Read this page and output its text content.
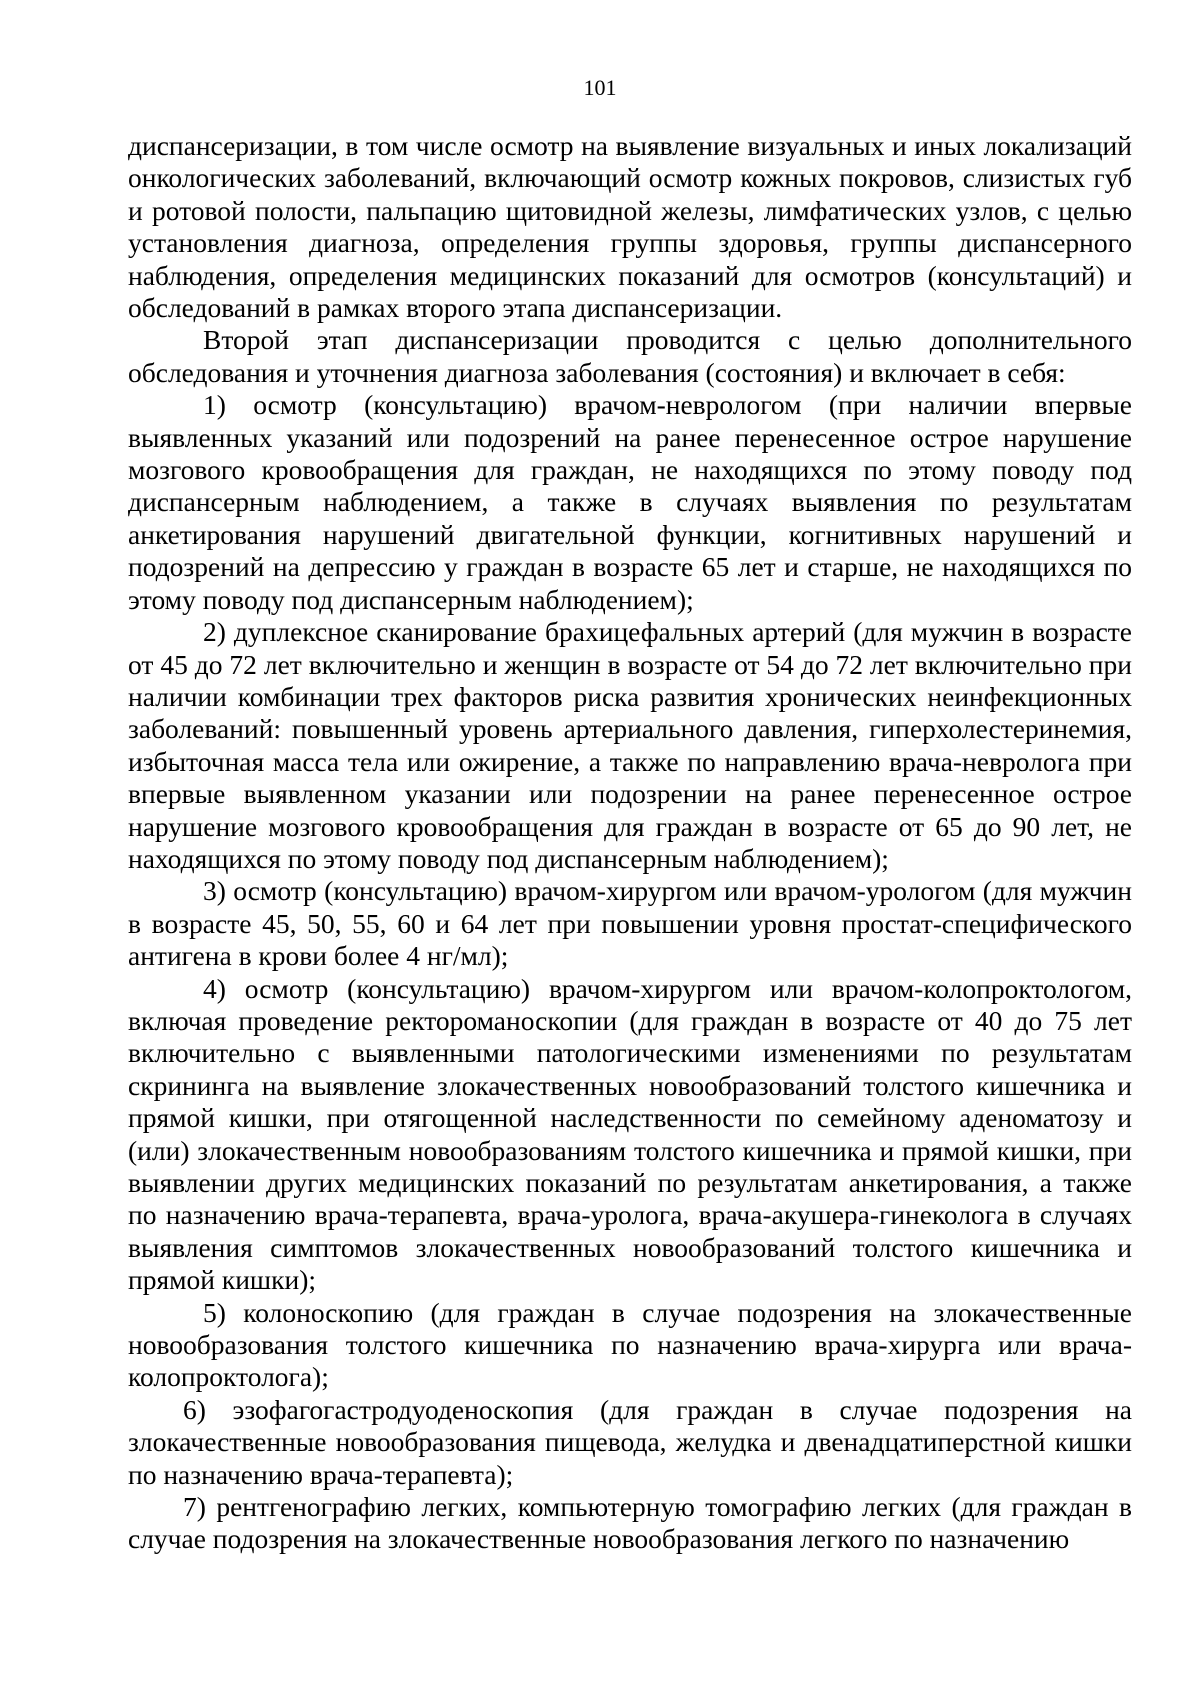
101

диспансеризации, в том числе осмотр на выявление визуальных и иных локализаций онкологических заболеваний, включающий осмотр кожных покровов, слизистых губ и ротовой полости, пальпацию щитовидной железы, лимфатических узлов, с целью установления диагноза, определения группы здоровья, группы диспансерного наблюдения, определения медицинских показаний для осмотров (консультаций) и обследований в рамках второго этапа диспансеризации.

Второй этап диспансеризации проводится с целью дополнительного обследования и уточнения диагноза заболевания (состояния) и включает в себя:

1) осмотр (консультацию) врачом-неврологом (при наличии впервые выявленных указаний или подозрений на ранее перенесенное острое нарушение мозгового кровообращения для граждан, не находящихся по этому поводу под диспансерным наблюдением, а также в случаях выявления по результатам анкетирования нарушений двигательной функции, когнитивных нарушений и подозрений на депрессию у граждан в возрасте 65 лет и старше, не находящихся по этому поводу под диспансерным наблюдением);

2) дуплексное сканирование брахицефальных артерий (для мужчин в возрасте от 45 до 72 лет включительно и женщин в возрасте от 54 до 72 лет включительно при наличии комбинации трех факторов риска развития хронических неинфекционных заболеваний: повышенный уровень артериального давления, гиперхолестеринемия, избыточная масса тела или ожирение, а также по направлению врача-невролога при впервые выявленном указании или подозрении на ранее перенесенное острое нарушение мозгового кровообращения для граждан в возрасте от 65 до 90 лет, не находящихся по этому поводу под диспансерным наблюдением);

3) осмотр (консультацию) врачом-хирургом или врачом-урологом (для мужчин в возрасте 45, 50, 55, 60 и 64 лет при повышении уровня простат-специфического антигена в крови более 4 нг/мл);

4) осмотр (консультацию) врачом-хирургом или врачом-колопроктологом, включая проведение ректороманоскопии (для граждан в возрасте от 40 до 75 лет включительно с выявленными патологическими изменениями по результатам скрининга на выявление злокачественных новообразований толстого кишечника и прямой кишки, при отягощенной наследственности по семейному аденоматозу и (или) злокачественным новообразованиям толстого кишечника и прямой кишки, при выявлении других медицинских показаний по результатам анкетирования, а также по назначению врача-терапевта, врача-уролога, врача-акушера-гинеколога в случаях выявления симптомов злокачественных новообразований толстого кишечника и прямой кишки);

5) колоноскопию (для граждан в случае подозрения на злокачественные новообразования толстого кишечника по назначению врача-хирурга или врача-колопроктолога);

6) эзофагогастродуоденоскопия (для граждан в случае подозрения на злокачественные новообразования пищевода, желудка и двенадцатиперстной кишки по назначению врача-терапевта);

7) рентгенографию легких, компьютерную томографию легких (для граждан в случае подозрения на злокачественные новообразования легкого по назначению
